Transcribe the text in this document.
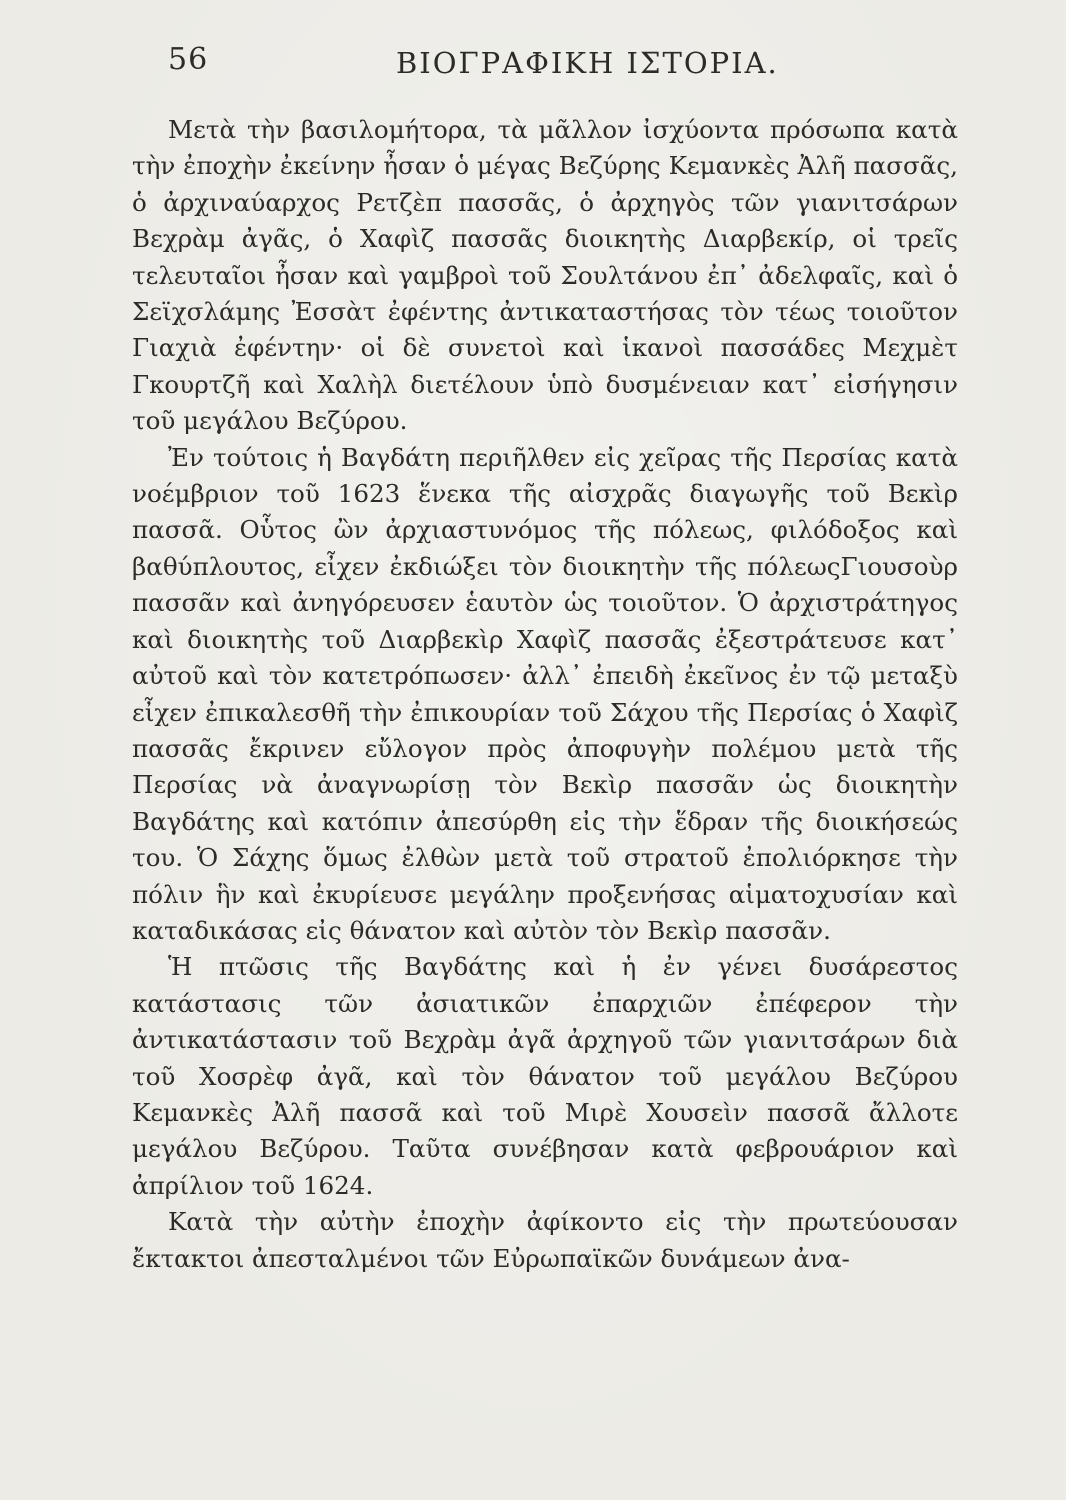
56	ΒΙΟΓΡΑΦΙΚΗ ΙΣΤΟΡΙΑ.

Μετὰ τὴν βασιλομήτορα, τὰ μᾶλλον ἰσχύοντα πρόσωπα κατὰ τὴν ἐποχὴν ἐκείνην ἦσαν ὁ μέγας Βεζύρης Κεμανκὲς Ἀλῆ πασσᾶς, ὁ ἀρχιναύαρχος Ρετζὲπ πασσᾶς, ὁ ἀρχηγὸς τῶν γιανιτσάρων Βεχρὰμ ἀγᾶς, ὁ Χαφὶζ πασσᾶς διοικητὴς Διαρβεκίρ, οἱ τρεῖς τελευταῖοι ἦσαν καὶ γαμβροὶ τοῦ Σουλτάνου ἐπ᾽ ἀδελφαῖς, καὶ ὁ Σεϊχσλάμης Ἐσσὰτ ἐφέντης ἀντικαταστήσας τὸν τέως τοιοῦτον Γιαχιὰ ἐφέντην· οἱ δὲ συνετοὶ καὶ ἱκανοὶ πασσάδες Μεχμὲτ Γκουρτζῆ καὶ Χαλὴλ διετέλουν ὑπὸ δυσμένειαν κατ᾽ εἰσήγησιν τοῦ μεγάλου Βεζύρου.

Ἐν τούτοις ἡ Βαγδάτη περιῆλθεν εἰς χεῖρας τῆς Περσίας κατὰ νοέμβριον τοῦ 1623 ἕνεκα τῆς αἰσχρᾶς διαγωγῆς τοῦ Βεκὶρ πασσᾶ. Οὗτος ὢν ἀρχιαστυνόμος τῆς πόλεως, φιλόδοξος καὶ βαθύπλουτος, εἶχεν ἐκδιώξει τὸν διοικητὴν τῆς πόλεωςΓιουσοὺρ πασσᾶν καὶ ἀνηγόρευσεν ἑαυτὸν ὡς τοιοῦτον. Ὁ ἀρχιστράτηγος καὶ διοικητὴς τοῦ Διαρβεκὶρ Χαφὶζ πασσᾶς ἐξεστράτευσε κατ᾽ αὐτοῦ καὶ τὸν κατετρόπωσεν· ἀλλ᾽ ἐπειδὴ ἐκεῖνος ἐν τῷ μεταξὺ εἶχεν ἐπικαλεσθῆ τὴν ἐπικουρίαν τοῦ Σάχου τῆς Περσίας ὁ Χαφὶζ πασσᾶς ἔκρινεν εὔλογον πρὸς ἀποφυγὴν πολέμου μετὰ τῆς Περσίας νὰ ἀναγνωρίσῃ τὸν Βεκὶρ πασσᾶν ὡς διοικητὴν Βαγδάτης καὶ κατόπιν ἀπεσύρθη εἰς τὴν ἕδραν τῆς διοικήσεώς του. Ὁ Σάχης ὅμως ἐλθὼν μετὰ τοῦ στρατοῦ ἐπολιόρκησε τὴν πόλιν ἣν καὶ ἐκυρίευσε μεγάλην προξενήσας αἱματοχυσίαν καὶ καταδικάσας εἰς θάνατον καὶ αὐτὸν τὸν Βεκὶρ πασσᾶν.

Ἡ πτῶσις τῆς Βαγδάτης καὶ ἡ ἐν γένει δυσάρεστος κατάστασις τῶν ἀσιατικῶν ἐπαρχιῶν ἐπέφερον τὴν ἀντικατάστασιν τοῦ Βεχρὰμ ἀγᾶ ἀρχηγοῦ τῶν γιανιτσάρων διὰ τοῦ Χοσρὲφ ἀγᾶ, καὶ τὸν θάνατον τοῦ μεγάλου Βεζύρου Κεμανκὲς Ἀλῆ πασσᾶ καὶ τοῦ Μιρὲ Χουσεὶν πασσᾶ ἄλλοτε μεγάλου Βεζύρου. Ταῦτα συνέβησαν κατὰ φεβρουάριον καὶ ἀπρίλιον τοῦ 1624.

Κατὰ τὴν αὐτὴν ἐποχὴν ἀφίκοντο εἰς τὴν πρωτεύουσαν ἔκτακτοι ἀπεσταλμένοι τῶν Εὐρωπαϊκῶν δυνάμεων ἀνα-
